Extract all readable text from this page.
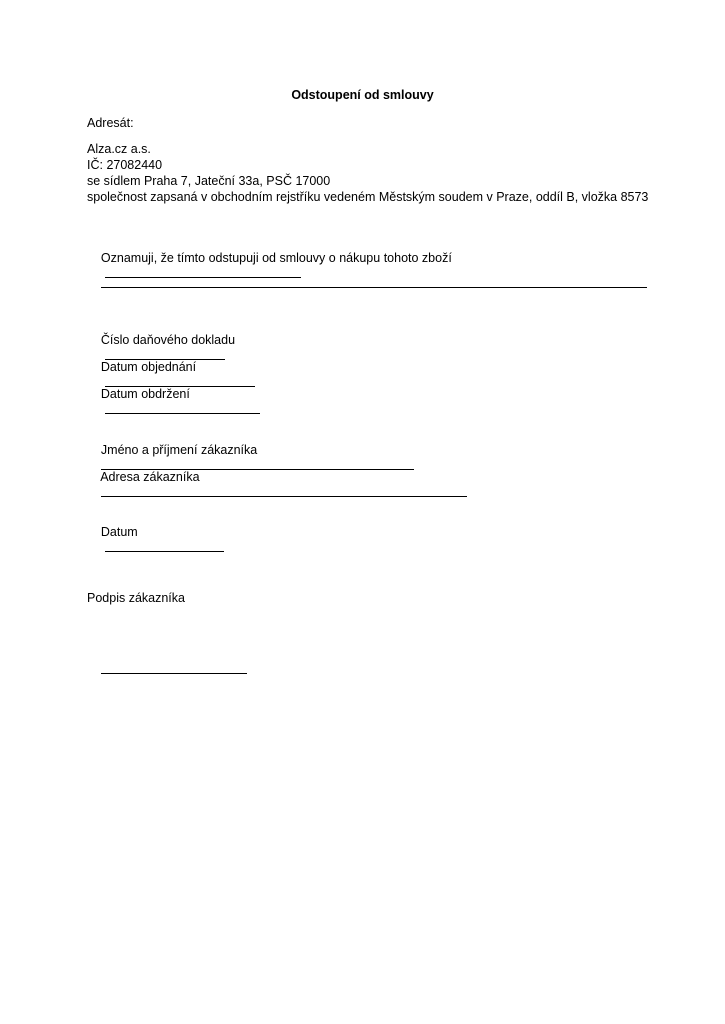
Odstoupení od smlouvy
Adresát:
Alza.cz a.s.
IČ: 27082440
se sídlem Praha 7, Jateční 33a, PSČ 17000
společnost zapsaná v obchodním rejstříku vedeném Městským soudem v Praze, oddíl B, vložka 8573

Oznamuji, že tímto odstupuji od smlouvy o nákupu tohoto zboží

Číslo daňového dokladu

Datum objednání

Datum obdržení

Jméno a příjmení zákazníka

Adresa zákazníka

Datum

Podpis zákazníka
